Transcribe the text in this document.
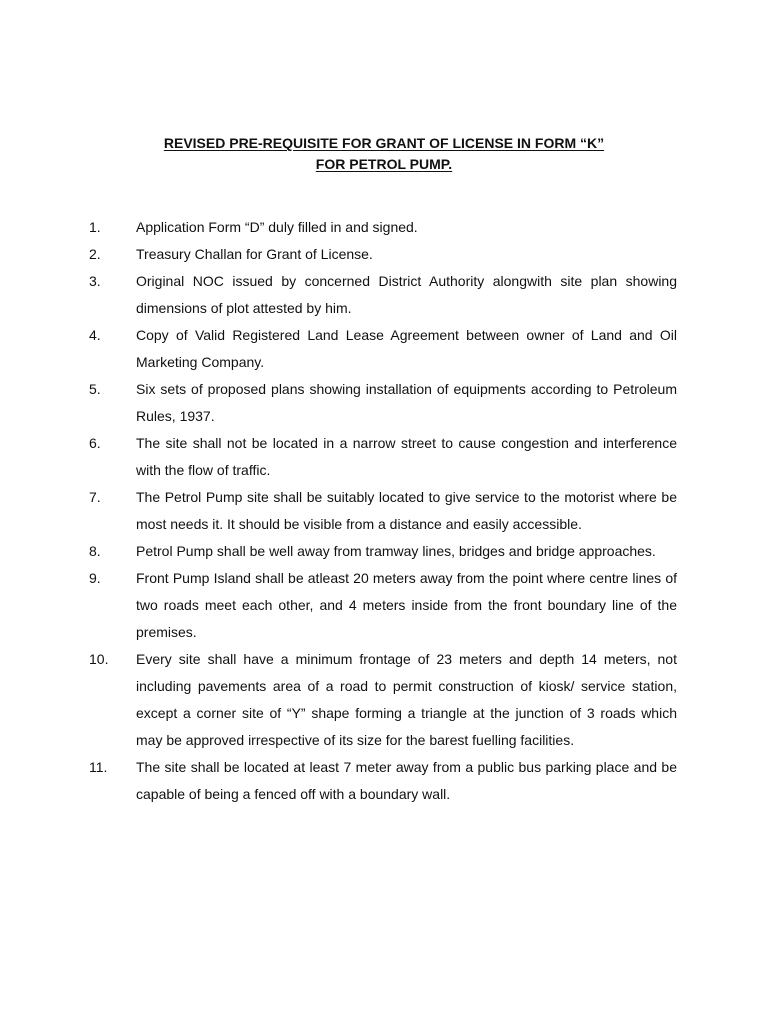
REVISED PRE-REQUISITE FOR GRANT OF LICENSE IN FORM “K”
FOR PETROL PUMP.
1.	Application Form “D” duly filled in and signed.
2.	Treasury Challan for Grant of License.
3.	Original NOC issued by concerned District Authority alongwith site plan showing dimensions of plot attested by him.
4.	Copy of Valid Registered Land Lease Agreement between owner of Land and Oil Marketing Company.
5.	Six sets of proposed plans showing installation of equipments according to Petroleum Rules, 1937.
6.	The site shall not be located in a narrow street to cause congestion and interference with the flow of traffic.
7.	The Petrol Pump site shall be suitably located to give service to the motorist where be most needs it. It should be visible from a distance and easily accessible.
8.	Petrol Pump shall be well away from tramway lines, bridges and bridge approaches.
9.	Front Pump Island shall be atleast 20 meters away from the point where centre lines of two roads meet each other, and 4 meters inside from the front boundary line of the premises.
10. Every site shall have a minimum frontage of 23 meters and depth 14 meters, not including pavements area of a road to permit construction of kiosk/ service station, except a corner site of “Y” shape forming a triangle at the junction of 3 roads which may be approved irrespective of its size for the barest fuelling facilities.
11. The site shall be located at least 7 meter away from a public bus parking place and be capable of being a fenced off with a boundary wall.
